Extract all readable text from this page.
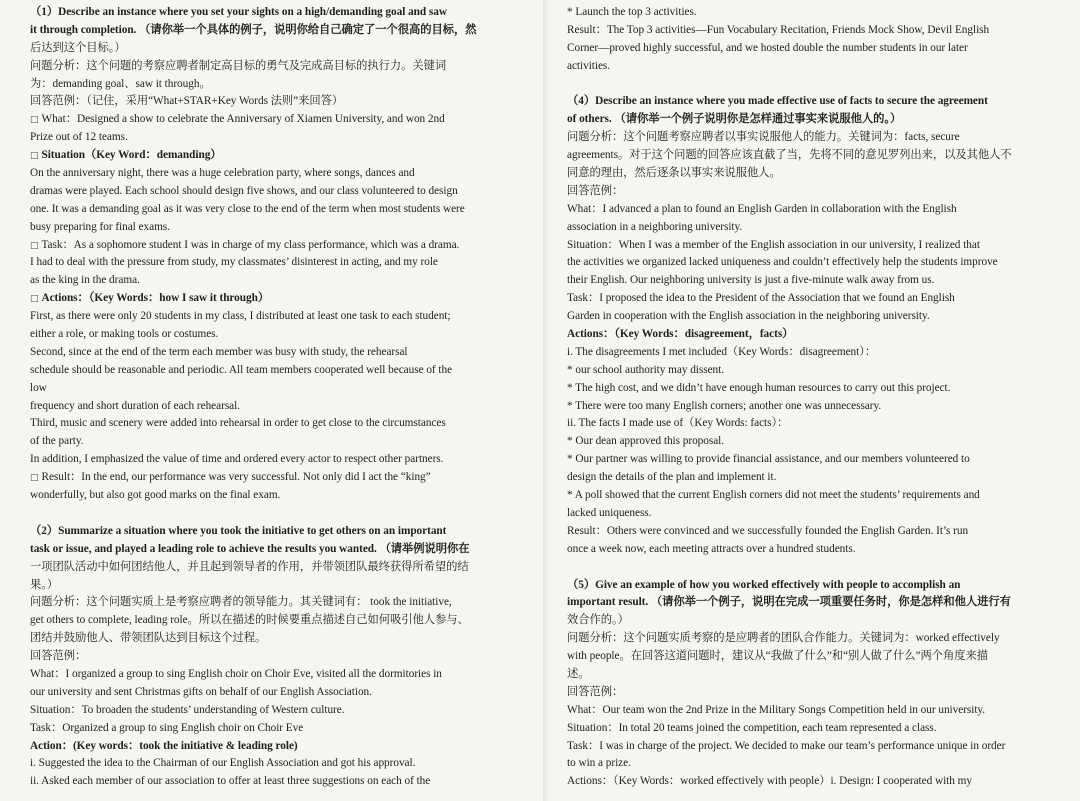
（1）Describe an instance where you set your sights on a high/demanding goal and saw
it through completion. （请你举一个具体的例子，说明你给自己确定了一个很高的目标，然
后达到这个目标。）
问题分析：这个问题的考察应聘者制定高目标的勇气及完成高目标的执行力。关键词
为：demanding goal、saw it through。
回答范例：（记住，采用“What+STAR+Key Words 法则”来回答）
□ What：Designed a show to celebrate the Anniversary of Xiamen University, and won 2nd
Prize out of 12 teams.
□ Situation（Key Word：demanding）
On the anniversary night, there was a huge celebration party, where songs, dances and
dramas were played. Each school should design five shows, and our class volunteered to design
one. It was a demanding goal as it was very close to the end of the term when most students were
busy preparing for final exams.
□ Task：As a sophomore student I was in charge of my class performance, which was a drama.
I had to deal with the pressure from study, my classmates’ disinterest in acting, and my role
as the king in the drama.
□ Actions：（Key Words：how I saw it through）
First, as there were only 20 students in my class, I distributed at least one task to each student;
either a role, or making tools or costumes.
Second, since at the end of the term each member was busy with study, the rehearsal
schedule should be reasonable and periodic. All team members cooperated well because of the
low
frequency and short duration of each rehearsal.
Third, music and scenery were added into rehearsal in order to get close to the circumstances
of the party.
In addition, I emphasized the value of time and ordered every actor to respect other partners.
□ Result：In the end, our performance was very successful. Not only did I act the “king”
wonderfully, but also got good marks on the final exam.
（2）Summarize a situation where you took the initiative to get others on an important
task or issue, and played a leading role to achieve the results you wanted. （请举例说明你在
一项团队活动中如何团结他人，并且起到领导者的作用，并带领团队最终获得所希望的结
果。）
问题分析：这个问题实质上是考察应聘者的领导能力。其关键词有： took the initiative,
get others to complete, leading role。所以在描述的时候要重点描述自己如何吸引他人参与、
团结并鼓励他人、带领团队达到目标这个过程。
回答范例：
What：I organized a group to sing English choir on Choir Eve, visited all the dormitories in
our university and sent Christmas gifts on behalf of our English Association.
Situation：To broaden the students’ understanding of Western culture.
Task：Organized a group to sing English choir on Choir Eve
Action：(Key words：took the initiative & leading role)
i. Suggested the idea to the Chairman of our English Association and got his approval.
ii. Asked each member of our association to offer at least three suggestions on each of the
* Launch the top 3 activities.
Result：The Top 3 activities—Fun Vocabulary Recitation, Friends Mock Show, Devil English
Corner—proved highly successful, and we hosted double the number students in our later
activities.
（4）Describe an instance where you made effective use of facts to secure the agreement
of others. （请你举一个例子说明你是怎样通过事实来说服他人的。）
问题分析：这个问题考察应聘者以事实说服他人的能力。关键词为：facts, secure
agreements。对于这个问题的回答应该直截了当，先将不同的意见罗列出来，以及其他人不
同意的理由，然后逐条以事实来说服他人。
回答范例：
What：I advanced a plan to found an English Garden in collaboration with the English
association in a neighboring university.
Situation：When I was a member of the English association in our university, I realized that
the activities we organized lacked uniqueness and couldn’t effectively help the students improve
their English. Our neighboring university is just a five-minute walk away from us.
Task：I proposed the idea to the President of the Association that we found an English
Garden in cooperation with the English association in the neighboring university.
Actions：（Key Words：disagreement，facts）
i. The disagreements I met included（Key Words：disagreement）：
* our school authority may dissent.
* The high cost, and we didn’t have enough human resources to carry out this project.
* There were too many English corners; another one was unnecessary.
ii. The facts I made use of（Key Words: facts）：
* Our dean approved this proposal.
* Our partner was willing to provide financial assistance, and our members volunteered to
design the details of the plan and implement it.
* A poll showed that the current English corners did not meet the students’ requirements and
lacked uniqueness.
Result：Others were convinced and we successfully founded the English Garden. It’s run
once a week now, each meeting attracts over a hundred students.
（5）Give an example of how you worked effectively with people to accomplish an
important result. （请你举一个例子，说明在完成一项重要任务时，你是怎样和他人进行有
效合作的。）
问题分析：这个问题实质考察的是应聘者的团队合作能力。关键词为：worked effectively
with people。在回答这道问题时，建议从“我做了什么”和“别人做了什么”两个角度来描
述。
回答范例：
What：Our team won the 2nd Prize in the Military Songs Competition held in our university.
Situation：In total 20 teams joined the competition, each team represented a class.
Task：I was in charge of the project. We decided to make our team’s performance unique in order
to win a prize.
Actions：（Key Words：worked effectively with people）i. Design: I cooperated with my
